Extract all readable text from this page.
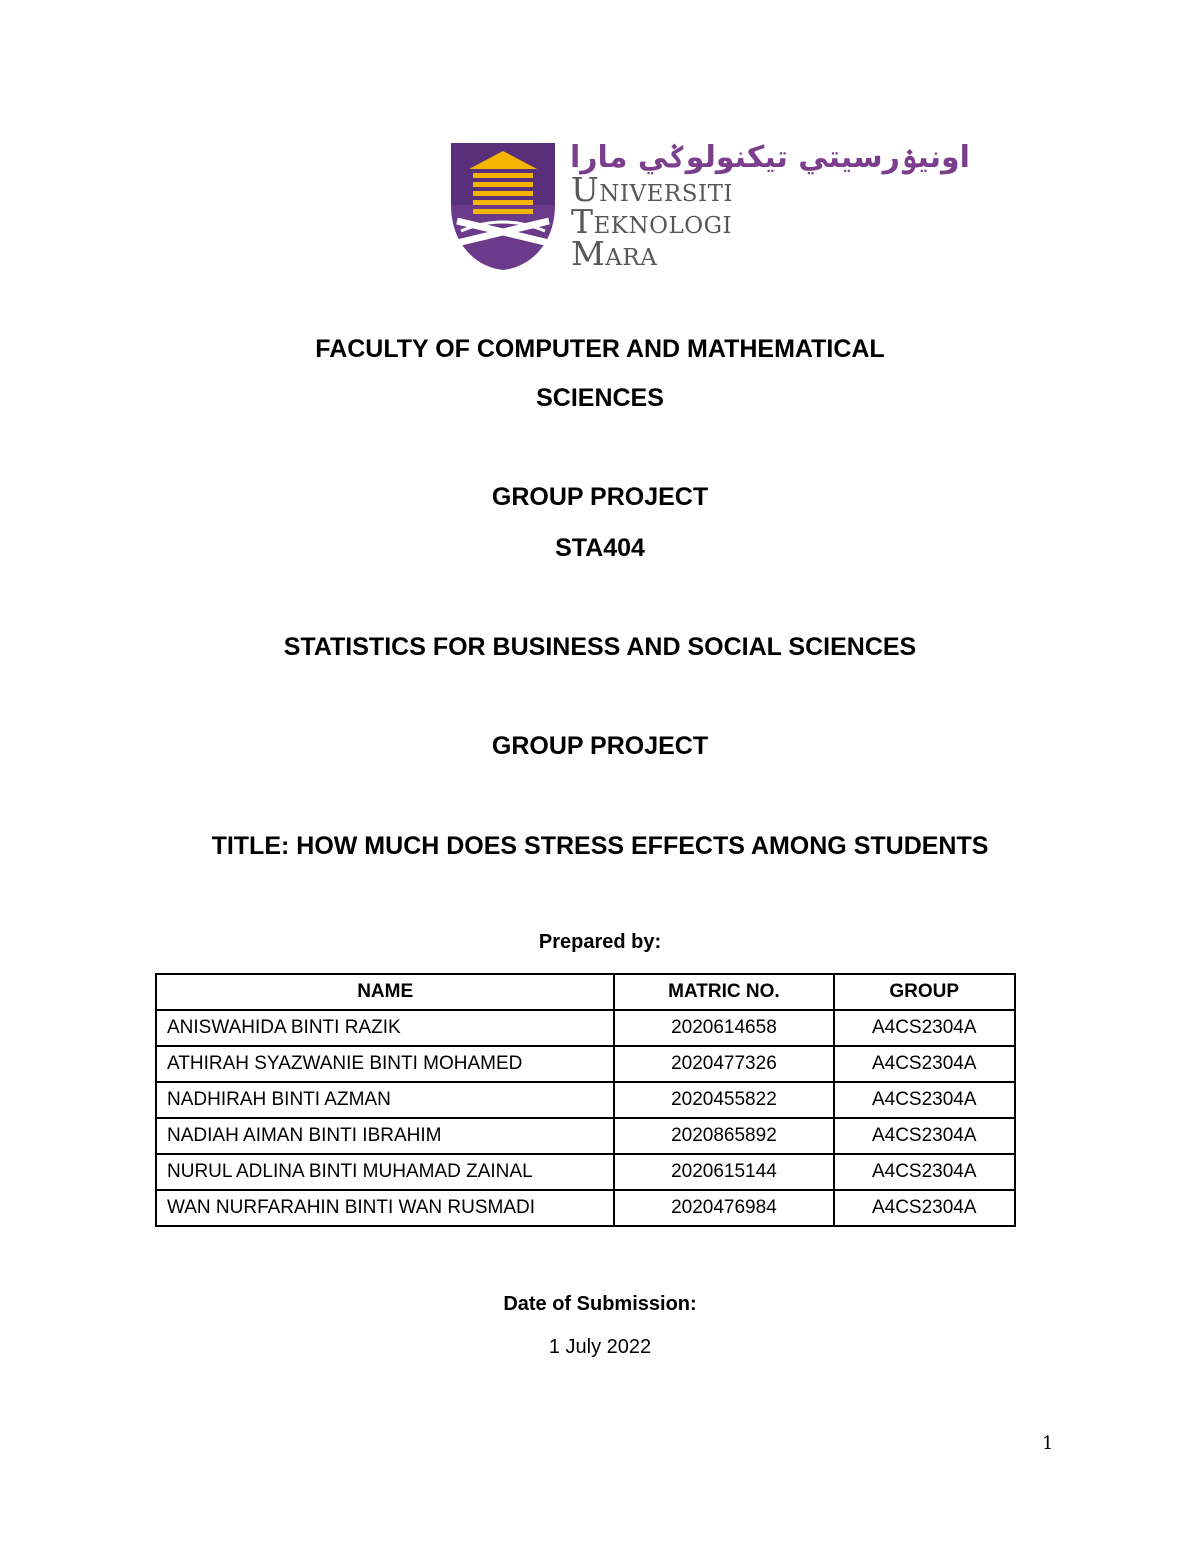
اونيۏرسيتي تيكنولوݢي مارا
Universiti
Teknologi
Mara
FACULTY OF COMPUTER AND MATHEMATICAL
SCIENCES
GROUP PROJECT
STA404
STATISTICS FOR BUSINESS AND SOCIAL SCIENCES
GROUP PROJECT
TITLE: HOW MUCH DOES STRESS EFFECTS AMONG STUDENTS
Prepared by:
NAME	MATRIC NO.	GROUP
ANISWAHIDA BINTI RAZIK	2020614658	A4CS2304A
ATHIRAH SYAZWANIE BINTI MOHAMED	2020477326	A4CS2304A
NADHIRAH BINTI AZMAN	2020455822	A4CS2304A
NADIAH AIMAN BINTI IBRAHIM	2020865892	A4CS2304A
NURUL ADLINA BINTI MUHAMAD ZAINAL	2020615144	A4CS2304A
WAN NURFARAHIN BINTI WAN RUSMADI	2020476984	A4CS2304A
Date of Submission:
1 July 2022
1
